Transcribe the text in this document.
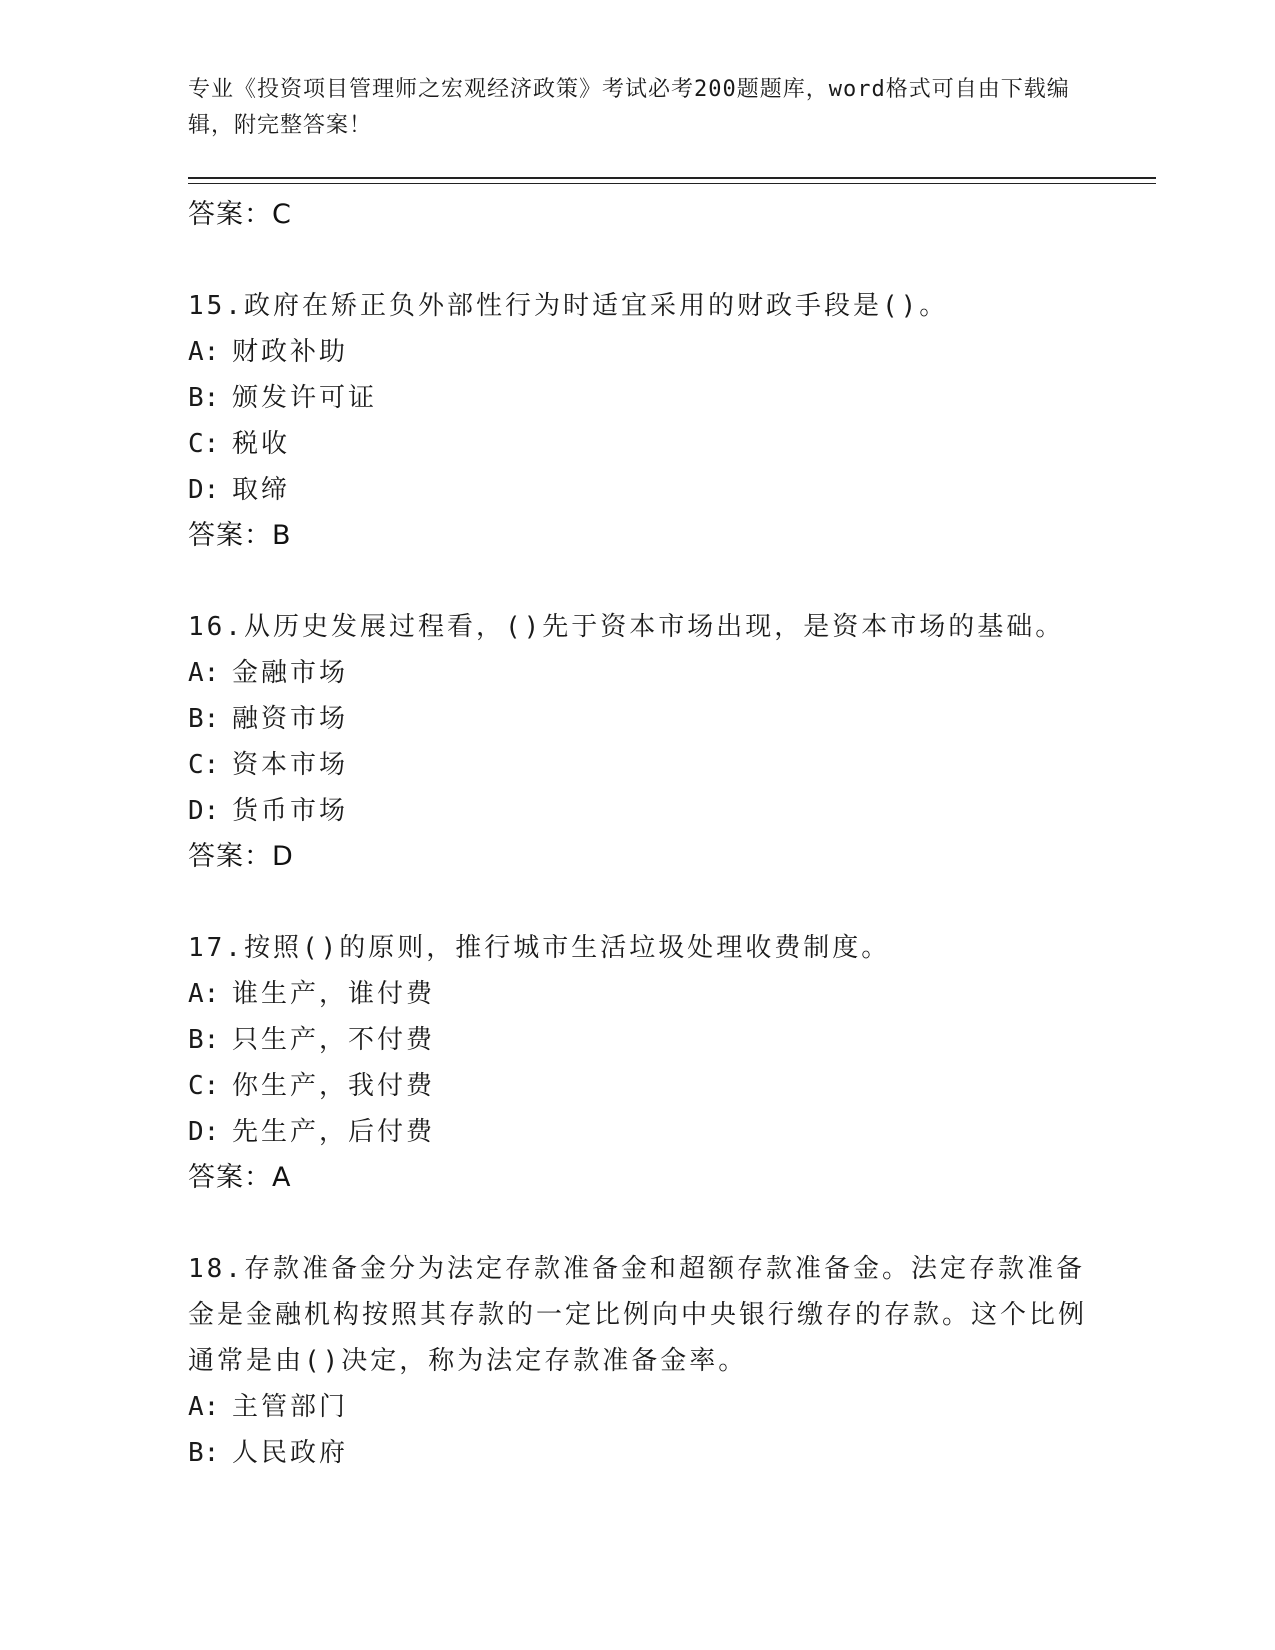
专业《投资项目管理师之宏观经济政策》考试必考200题题库，word格式可自由下载编辑，附完整答案！
答案：C
15.政府在矫正负外部性行为时适宜采用的财政手段是()。
A: 财政补助
B: 颁发许可证
C: 税收
D: 取缔
答案：B
16.从历史发展过程看，()先于资本市场出现，是资本市场的基础。
A: 金融市场
B: 融资市场
C: 资本市场
D: 货币市场
答案：D
17.按照()的原则，推行城市生活垃圾处理收费制度。
A: 谁生产，谁付费
B: 只生产，不付费
C: 你生产，我付费
D: 先生产，后付费
答案：A
18.存款准备金分为法定存款准备金和超额存款准备金。法定存款准备金是金融机构按照其存款的一定比例向中央银行缴存的存款。这个比例通常是由()决定，称为法定存款准备金率。
A: 主管部门
B: 人民政府
